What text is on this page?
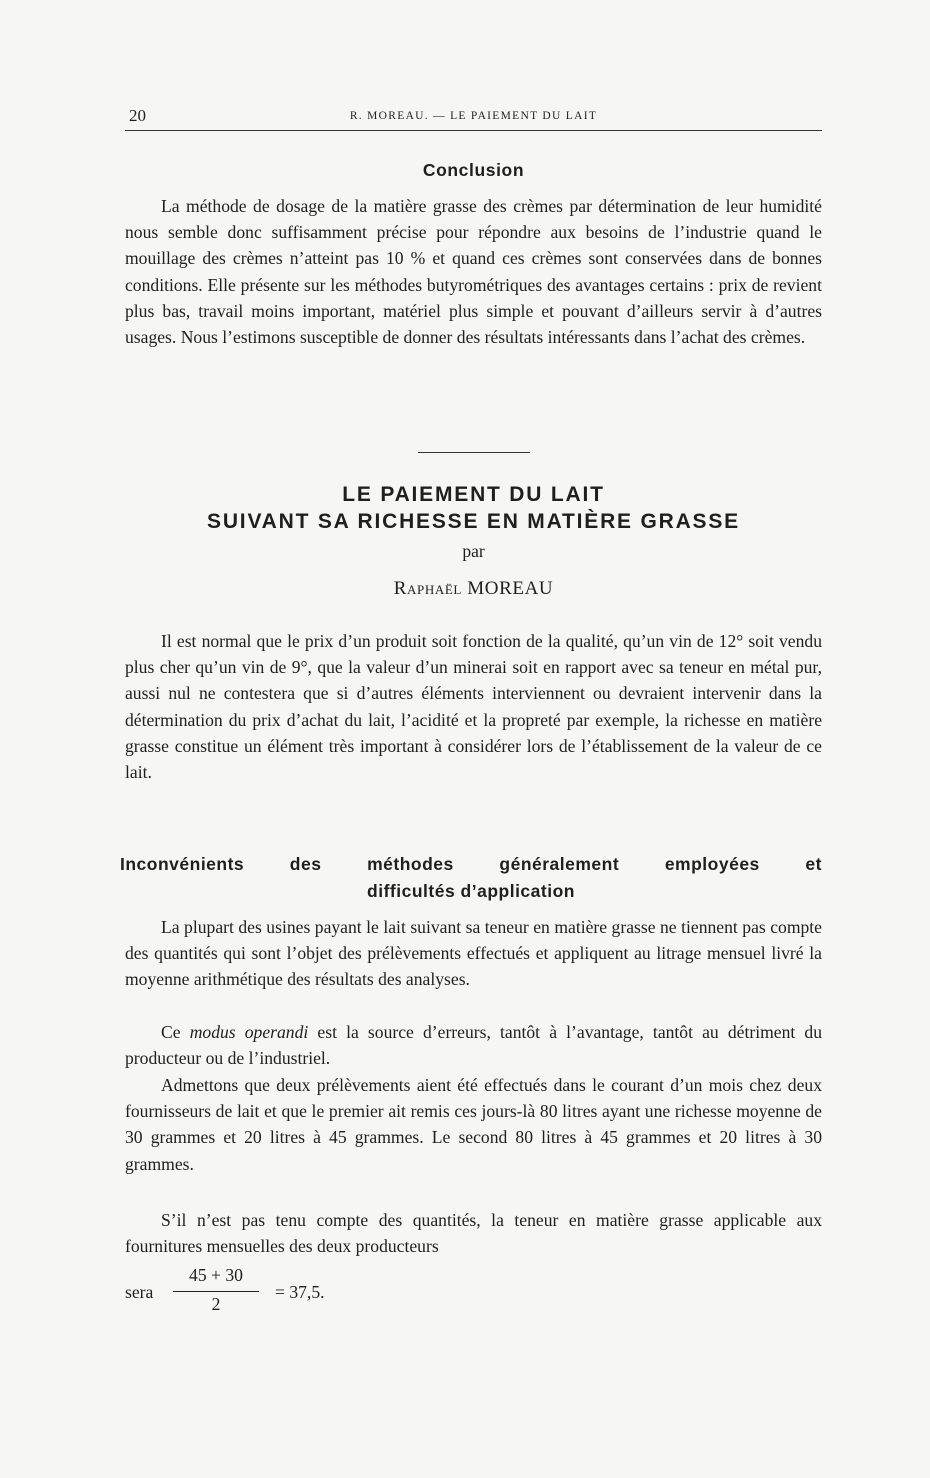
20	R. MOREAU. — LE PAIEMENT DU LAIT
Conclusion

La méthode de dosage de la matière grasse des crèmes par détermination de leur humidité nous semble donc suffisamment précise pour répondre aux besoins de l’industrie quand le mouillage des crèmes n’atteint pas 10 % et quand ces crèmes sont conservées dans de bonnes conditions. Elle présente sur les méthodes butyrométriques des avantages certains : prix de revient plus bas, travail moins important, matériel plus simple et pouvant d’ailleurs servir à d’autres usages. Nous l’estimons susceptible de donner des résultats intéressants dans l’achat des crèmes.

LE PAIEMENT DU LAIT
SUIVANT SA RICHESSE EN MATIÈRE GRASSE
par
Raphaël MOREAU

Il est normal que le prix d’un produit soit fonction de la qualité, qu’un vin de 12° soit vendu plus cher qu’un vin de 9°, que la valeur d’un minerai soit en rapport avec sa teneur en métal pur, aussi nul ne contestera que si d’autres éléments interviennent ou devraient intervenir dans la détermination du prix d’achat du lait, l’acidité et la propreté par exemple, la richesse en matière grasse constitue un élément très important à considérer lors de l’établissement de la valeur de ce lait.

Inconvénients des méthodes généralement employées et
difficultés d’application

La plupart des usines payant le lait suivant sa teneur en matière grasse ne tiennent pas compte des quantités qui sont l’objet des prélèvements effectués et appliquent au litrage mensuel livré la moyenne arithmétique des résultats des analyses.

Ce modus operandi est la source d’erreurs, tantôt à l’avantage, tantôt au détriment du producteur ou de l’industriel.

Admettons que deux prélèvements aient été effectués dans le courant d’un mois chez deux fournisseurs de lait et que le premier ait remis ces jours-là 80 litres ayant une richesse moyenne de 30 grammes et 20 litres à 45 grammes. Le second 80 litres à 45 grammes et 20 litres à 30 grammes.

S’il n’est pas tenu compte des quantités, la teneur en matière grasse applicable aux fournitures mensuelles des deux producteurs

sera
45 + 30
2
= 37,5.
